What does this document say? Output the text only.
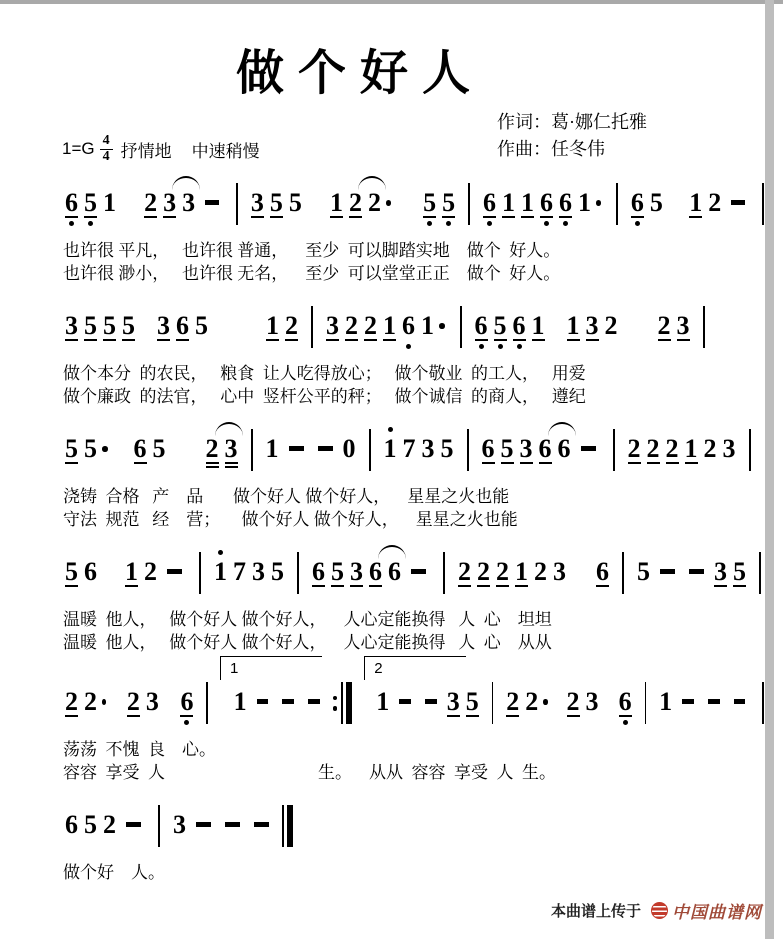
做个好人
1=G 4
4 抒情地 中速稍慢
作词：葛·娜仁托雅
作曲：任冬伟
6 5 1 2 3 3 3 5 5 1 2 2 5 5 6 1 1 6 6 1 6 5 1 2
也许很 平凡，   也许很 普通，    至少  可以脚踏实地    做个  好人。
也许很 渺小，   也许很 无名，    至少  可以堂堂正正    做个  好人。
3 5 5 5 3 6 5 1 2 3 2 2 1 6 1 6 5 6 1 1 3 2 2 3
做个本分  的农民，   粮食  让人吃得放心；   做个敬业  的工人，   用爱
做个廉政  的法官，   心中  竖杆公平的秤；   做个诚信  的商人，   遵纪
5 5 6 5 2 3 1 0 1 7 3 5 6 5 3 6 6 2 2 2 1 2 3
浇铸  合格   产    品       做个好人 做个好人，    星星之火也能
守法  规范   经    营；     做个好人 做个好人，    星星之火也能
5 6 1 2 1 7 3 5 6 5 3 6 6 2 2 2 1 2 3 6 5 3 5
温暖  他人，   做个好人 做个好人，    人心定能换得   人  心    坦坦
温暖  他人，   做个好人 做个好人，    人心定能换得   人  心    从从
2 2 2 3 6
1
1
2
1 3 5 2 2 2 3 6 1
荡荡  不愧  良    心。
容容  享受  人                                    生。    从从  容容  享受  人  生。
6 5 2 3
做个好    人。
本曲谱上传于 中国曲谱网
